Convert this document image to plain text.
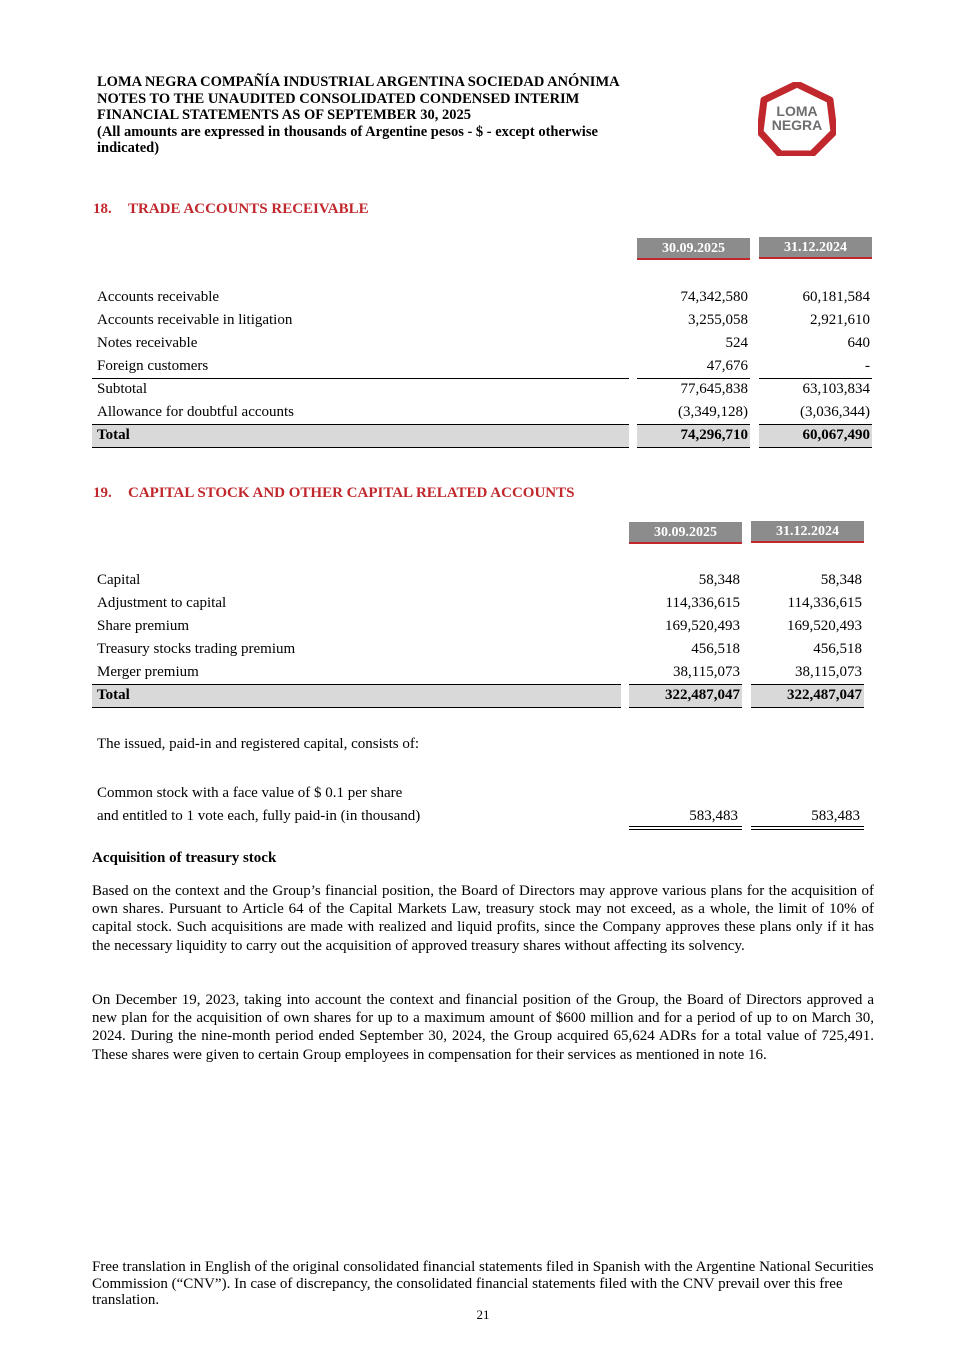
LOMA NEGRA COMPAÑÍA INDUSTRIAL ARGENTINA SOCIEDAD ANÓNIMA
NOTES TO THE UNAUDITED CONSOLIDATED CONDENSED INTERIM
FINANCIAL STATEMENTS AS OF SEPTEMBER 30, 2025
(All amounts are expressed in thousands of Argentine pesos - $ - except otherwise
indicated)
LOMA
NEGRA
18. TRADE ACCOUNTS RECEIVABLE
30.09.2025	31.12.2024
Accounts receivable	74,342,580	60,181,584
Accounts receivable in litigation	3,255,058	2,921,610
Notes receivable	524	640
Foreign customers	47,676	-
Subtotal	77,645,838	63,103,834
Allowance for doubtful accounts	(3,349,128)	(3,036,344)
Total	74,296,710	60,067,490
19. CAPITAL STOCK AND OTHER CAPITAL RELATED ACCOUNTS
30.09.2025	31.12.2024
Capital	58,348	58,348
Adjustment to capital	114,336,615	114,336,615
Share premium	169,520,493	169,520,493
Treasury stocks trading premium	456,518	456,518
Merger premium	38,115,073	38,115,073
Total	322,487,047	322,487,047
The issued, paid-in and registered capital, consists of:
Common stock with a face value of $ 0.1 per share
and entitled to 1 vote each, fully paid-in (in thousand)	583,483	583,483
Acquisition of treasury stock
Based on the context and the Group’s financial position, the Board of Directors may approve various plans for the acquisition of own shares. Pursuant to Article 64 of the Capital Markets Law, treasury stock may not exceed, as a whole, the limit of 10% of capital stock. Such acquisitions are made with realized and liquid profits, since the Company approves these plans only if it has the necessary liquidity to carry out the acquisition of approved treasury shares without affecting its solvency.
On December 19, 2023, taking into account the context and financial position of the Group, the Board of Directors approved a new plan for the acquisition of own shares for up to a maximum amount of $600 million and for a period of up to on March 30, 2024. During the nine-month period ended September 30, 2024, the Group acquired 65,624 ADRs for a total value of 725,491. These shares were given to certain Group employees in compensation for their services as mentioned in note 16.
Free translation in English of the original consolidated financial statements filed in Spanish with the Argentine National Securities Commission (“CNV”). In case of discrepancy, the consolidated financial statements filed with the CNV prevail over this free translation.
21
